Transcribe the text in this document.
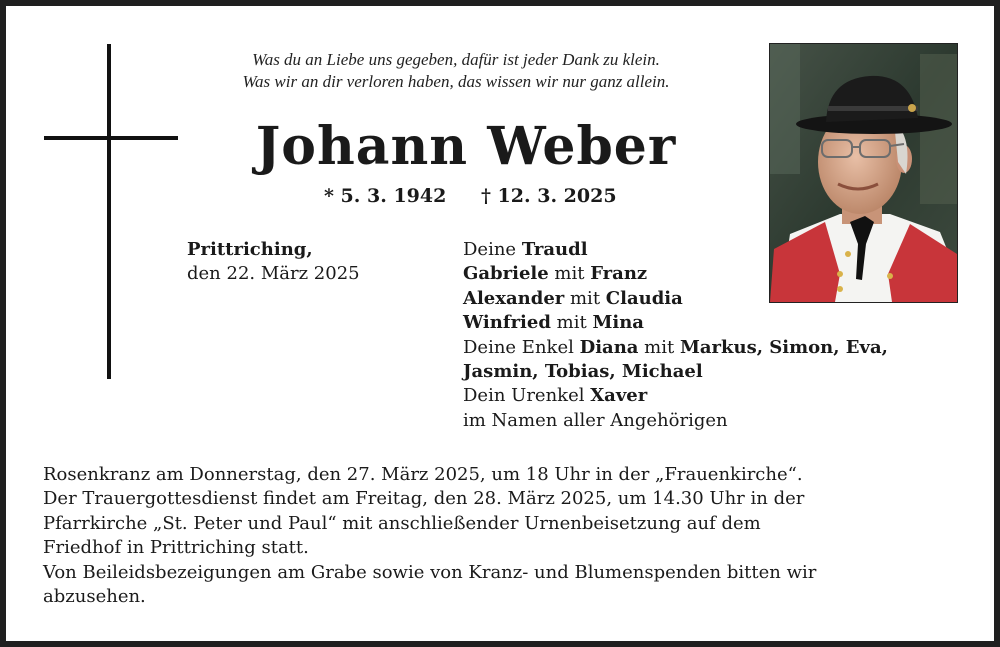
Was du an Liebe uns gegeben, dafür ist jeder Dank zu klein.
Was wir an dir verloren haben, das wissen wir nur ganz allein.
Johann Weber
* 5. 3. 1942 † 12. 3. 2025
Prittriching,
den 22. März 2025
Deine Traudl
Gabriele mit Franz
Alexander mit Claudia
Winfried mit Mina
Deine Enkel Diana mit Markus, Simon, Eva,
Jasmin, Tobias, Michael
Dein Urenkel Xaver
im Namen aller Angehörigen
Rosenkranz am Donnerstag, den 27. März 2025, um 18 Uhr in der „Frauenkirche“.
Der Trauergottesdienst findet am Freitag, den 28. März 2025, um 14.30 Uhr in der
Pfarrkirche „St. Peter und Paul“ mit anschließender Urnenbeisetzung auf dem
Friedhof in Prittriching statt.
Von Beileidsbezeigungen am Grabe sowie von Kranz- und Blumenspenden bitten wir
abzusehen.
